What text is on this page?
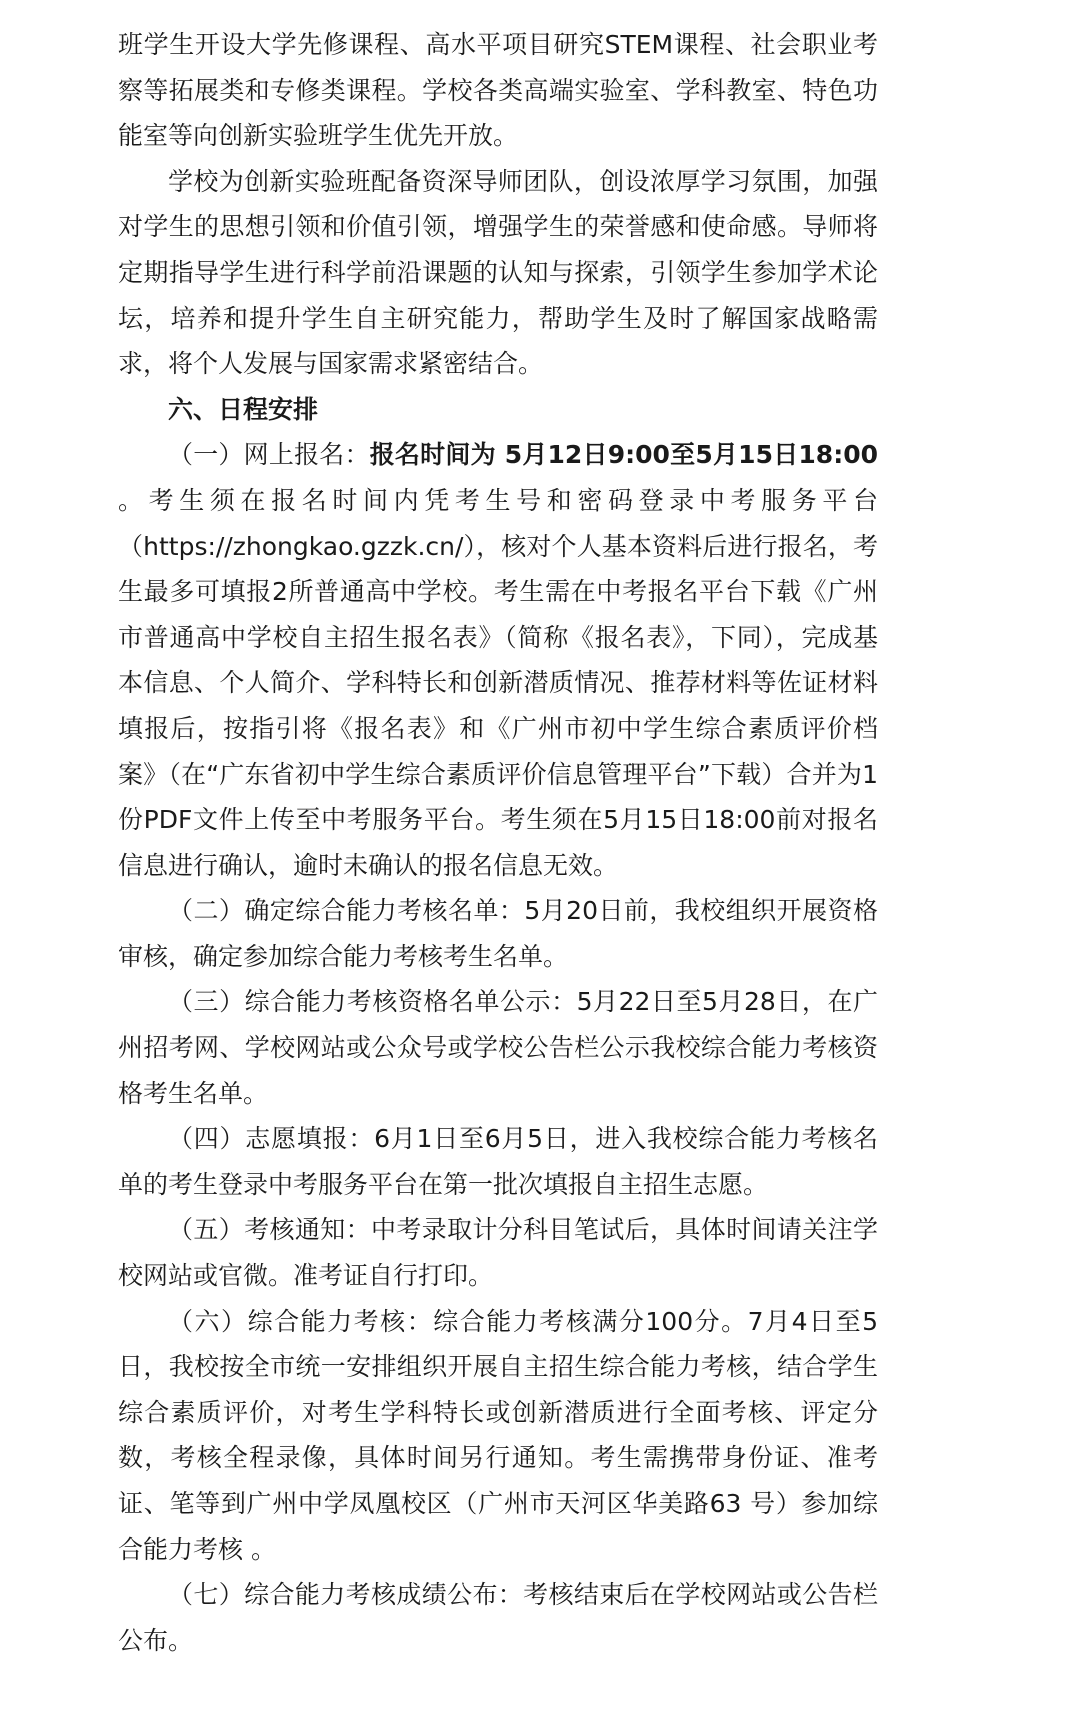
班学生开设大学先修课程、高水平项目研究STEM课程、社会职业考察等拓展类和专修类课程。学校各类高端实验室、学科教室、特色功能室等向创新实验班学生优先开放。

学校为创新实验班配备资深导师团队，创设浓厚学习氛围，加强对学生的思想引领和价值引领，增强学生的荣誉感和使命感。导师将定期指导学生进行科学前沿课题的认知与探索，引领学生参加学术论坛，培养和提升学生自主研究能力，帮助学生及时了解国家战略需求，将个人发展与国家需求紧密结合。

六、日程安排

（一）网上报名：报名时间为 5月12日9:00至5月15日18:00 。考生须在报名时间内凭考生号和密码登录中考服务平台（https://zhongkao.gzzk.cn/），核对个人基本资料后进行报名，考生最多可填报2所普通高中学校。考生需在中考报名平台下载《广州市普通高中学校自主招生报名表》（简称《报名表》，下同），完成基本信息、个人简介、学科特长和创新潜质情况、推荐材料等佐证材料填报后，按指引将《报名表》和《广州市初中学生综合素质评价档案》（在“广东省初中学生综合素质评价信息管理平台”下载）合并为1份PDF文件上传至中考服务平台。考生须在5月15日18:00前对报名信息进行确认，逾时未确认的报名信息无效。

（二）确定综合能力考核名单：5月20日前，我校组织开展资格审核，确定参加综合能力考核考生名单。

（三）综合能力考核资格名单公示：5月22日至5月28日，在广州招考网、学校网站或公众号或学校公告栏公示我校综合能力考核资格考生名单。

（四）志愿填报：6月1日至6月5日，进入我校综合能力考核名单的考生登录中考服务平台在第一批次填报自主招生志愿。

（五）考核通知：中考录取计分科目笔试后，具体时间请关注学校网站或官微。准考证自行打印。

（六）综合能力考核：综合能力考核满分100分。7月4日至5日，我校按全市统一安排组织开展自主招生综合能力考核，结合学生综合素质评价，对考生学科特长或创新潜质进行全面考核、评定分数，考核全程录像，具体时间另行通知。考生需携带身份证、准考证、笔等到广州中学凤凰校区（广州市天河区华美路63 号）参加综合能力考核 。

（七）综合能力考核成绩公布：考核结束后在学校网站或公告栏公布。
